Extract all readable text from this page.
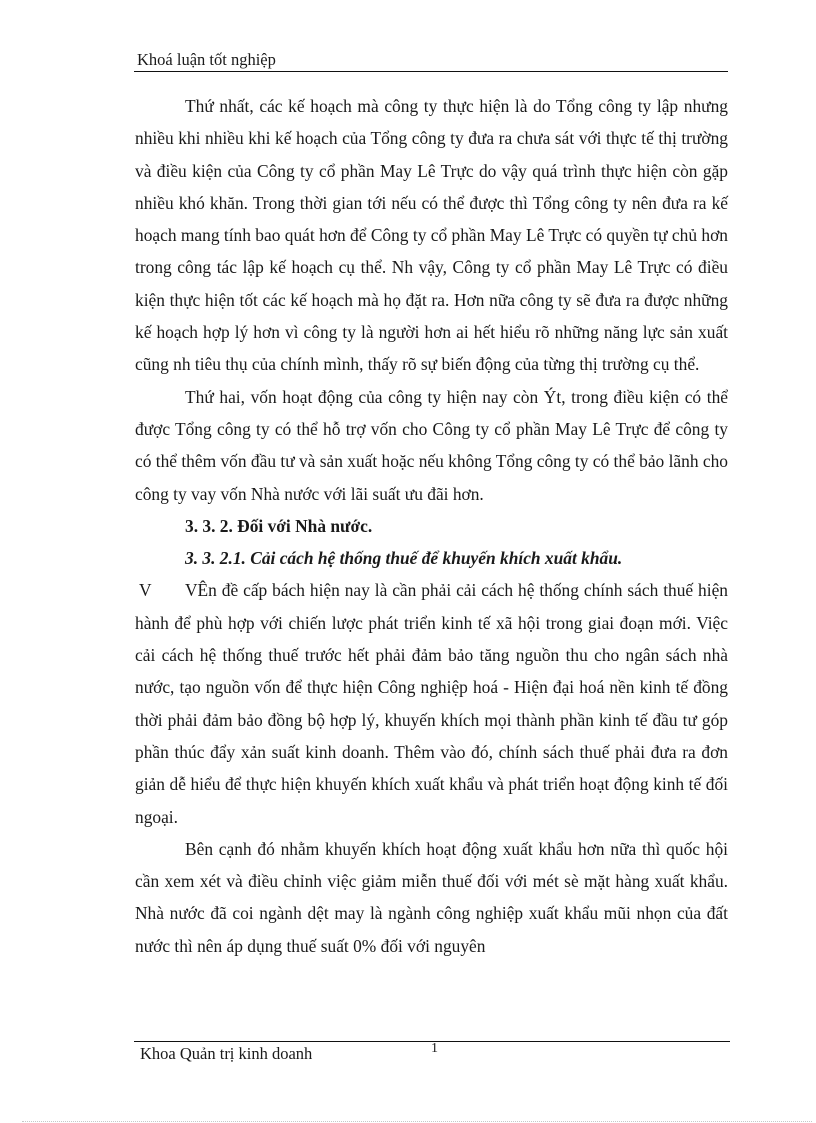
Khoá luận tốt nghiệp

Thứ nhất, các kế hoạch mà công ty thực hiện là do Tổng công ty lập nhưng nhiều khi nhiều khi kế hoạch của Tổng công ty đưa ra chưa sát với thực tế thị trường và điều kiện của Công ty cổ phần May Lê Trực do vậy quá trình thực hiện còn gặp nhiều khó khăn. Trong thời gian tới nếu có thể được thì Tổng công ty nên đưa ra kế hoạch mang tính bao quát hơn để Công ty cổ phần May Lê Trực có quyền tự chủ hơn trong công tác lập kế hoạch cụ thể. Nh vậy, Công ty cổ phần May Lê Trực có điều kiện thực hiện tốt các kế hoạch mà họ đặt ra. Hơn nữa công ty sẽ đưa ra được những kế hoạch hợp lý hơn vì công ty là người hơn ai hết hiểu rõ những năng lực sản xuất cũng nh tiêu thụ của chính mình, thấy rõ sự biến động của từng thị trường cụ thể.

Thứ hai, vốn hoạt động của công ty hiện nay còn Ýt, trong điều kiện có thể được Tổng công ty có thể hỗ trợ vốn cho Công ty cổ phần May Lê Trực để công ty có thể thêm vốn đầu tư và sản xuất hoặc nếu không Tổng công ty có thể bảo lãnh cho công ty vay vốn Nhà nước với lãi suất ưu đãi hơn.

3. 3. 2. Đối với Nhà nước.

3. 3. 2.1. Cải cách hệ thống thuế để khuyến khích xuất khẩu.

V VÊn đề cấp bách hiện nay là cần phải cải cách hệ thống chính sách thuế hiện hành để phù hợp với chiến lược phát triển kinh tế xã hội trong giai đoạn mới. Việc cải cách hệ thống thuế trước hết phải đảm bảo tăng nguồn thu cho ngân sách nhà nước, tạo nguồn vốn để thực hiện Công nghiệp hoá - Hiện đại hoá nền kinh tế đồng thời phải đảm bảo đồng bộ hợp lý, khuyến khích mọi thành phần kinh tế đầu tư góp phần thúc đẩy xản suất kinh doanh. Thêm vào đó, chính sách thuế phải đưa ra đơn giản dễ hiểu để thực hiện khuyến khích xuất khẩu và phát triển hoạt động kinh tế đối ngoại.

Bên cạnh đó nhằm khuyến khích hoạt động xuất khẩu hơn nữa thì quốc hội cần xem xét và điều chỉnh việc giảm miễn thuế đối với mét sè mặt hàng xuất khẩu. Nhà nước đã coi ngành dệt may là ngành công nghiệp xuất khẩu mũi nhọn của đất nước thì nên áp dụng thuế suất 0% đối với nguyên

Khoa Quản trị kinh doanh	1
